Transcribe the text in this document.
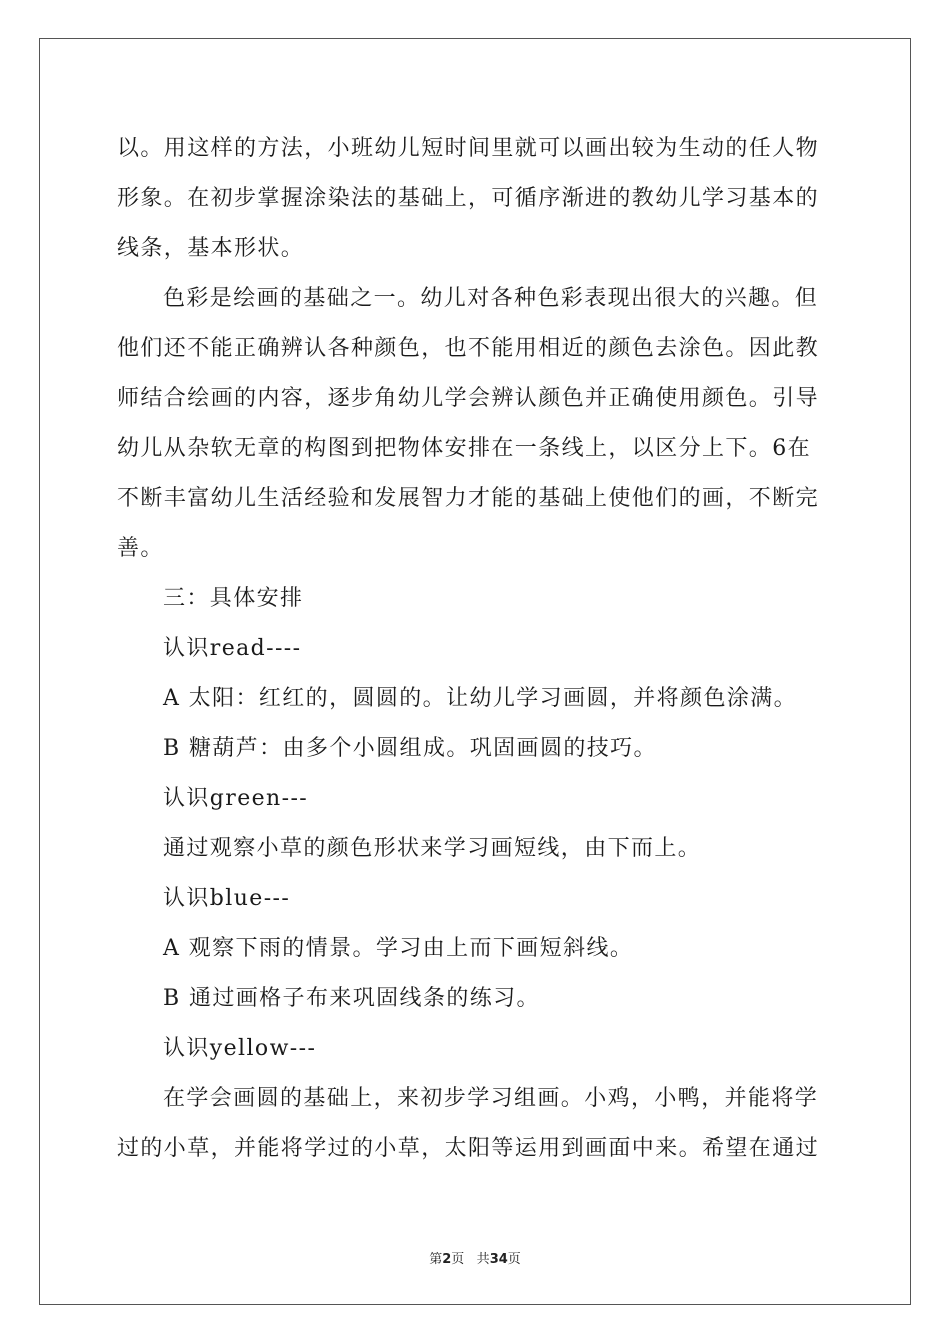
以。用这样的方法，小班幼儿短时间里就可以画出较为生动的任人物

形象。在初步掌握涂染法的基础上，可循序渐进的教幼儿学习基本的

线条，基本形状。

色彩是绘画的基础之一。幼儿对各种色彩表现出很大的兴趣。但

他们还不能正确辨认各种颜色，也不能用相近的颜色去涂色。因此教

师结合绘画的内容，逐步角幼儿学会辨认颜色并正确使用颜色。引导

幼儿从杂软无章的构图到把物体安排在一条线上，以区分上下。6在

不断丰富幼儿生活经验和发展智力才能的基础上使他们的画，不断完

善。

三：具体安排

认识read----

A 太阳：红红的，圆圆的。让幼儿学习画圆，并将颜色涂满。

B 糖葫芦：由多个小圆组成。巩固画圆的技巧。

认识green---

通过观察小草的颜色形状来学习画短线，由下而上。

认识blue---

A 观察下雨的情景。学习由上而下画短斜线。

B 通过画格子布来巩固线条的练习。

认识yellow---

在学会画圆的基础上，来初步学习组画。小鸡，小鸭，并能将学

过的小草，并能将学过的小草，太阳等运用到画面中来。希望在通过

第2页 共34页
